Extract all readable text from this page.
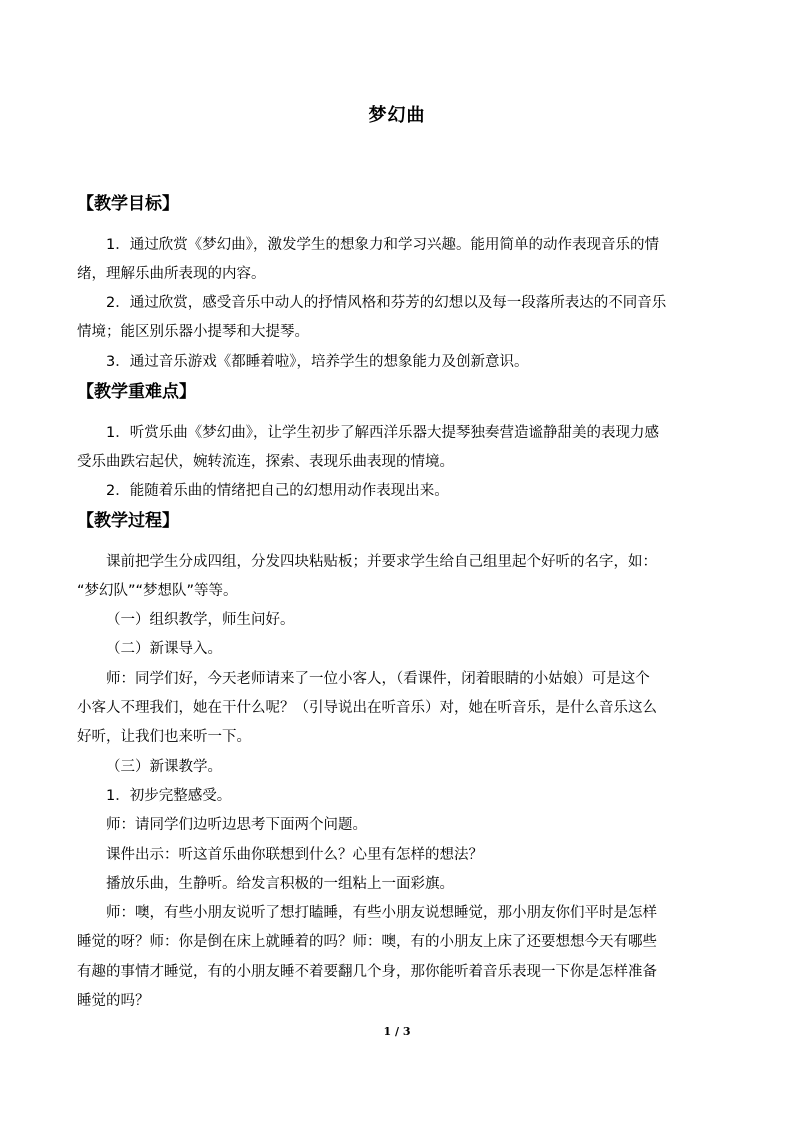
梦幻曲
【教学目标】
1．通过欣赏《梦幻曲》，激发学生的想象力和学习兴趣。能用简单的动作表现音乐的情
绪，理解乐曲所表现的内容。
2．通过欣赏，感受音乐中动人的抒情风格和芬芳的幻想以及每一段落所表达的不同音乐
情境；能区别乐器小提琴和大提琴。
3．通过音乐游戏《都睡着啦》，培养学生的想象能力及创新意识。
【教学重难点】
1．听赏乐曲《梦幻曲》，让学生初步了解西洋乐器大提琴独奏营造谧静甜美的表现力感
受乐曲跌宕起伏，婉转流连，探索、表现乐曲表现的情境。
2．能随着乐曲的情绪把自己的幻想用动作表现出来。
【教学过程】
课前把学生分成四组，分发四块粘贴板；并要求学生给自己组里起个好听的名字，如：
“梦幻队”“梦想队”等等。
（一）组织教学，师生问好。
（二）新课导入。
师：同学们好，今天老师请来了一位小客人，（看课件，闭着眼睛的小姑娘）可是这个
小客人不理我们，她在干什么呢？（引导说出在听音乐）对，她在听音乐，是什么音乐这么
好听，让我们也来听一下。
（三）新课教学。
1．初步完整感受。
师：请同学们边听边思考下面两个问题。
课件出示：听这首乐曲你联想到什么？心里有怎样的想法？
播放乐曲，生静听。给发言积极的一组粘上一面彩旗。
师：噢，有些小朋友说听了想打瞌睡，有些小朋友说想睡觉，那小朋友你们平时是怎样
睡觉的呀？师：你是倒在床上就睡着的吗？师：噢，有的小朋友上床了还要想想今天有哪些
有趣的事情才睡觉，有的小朋友睡不着要翻几个身，那你能听着音乐表现一下你是怎样准备
睡觉的吗？
1 / 3
